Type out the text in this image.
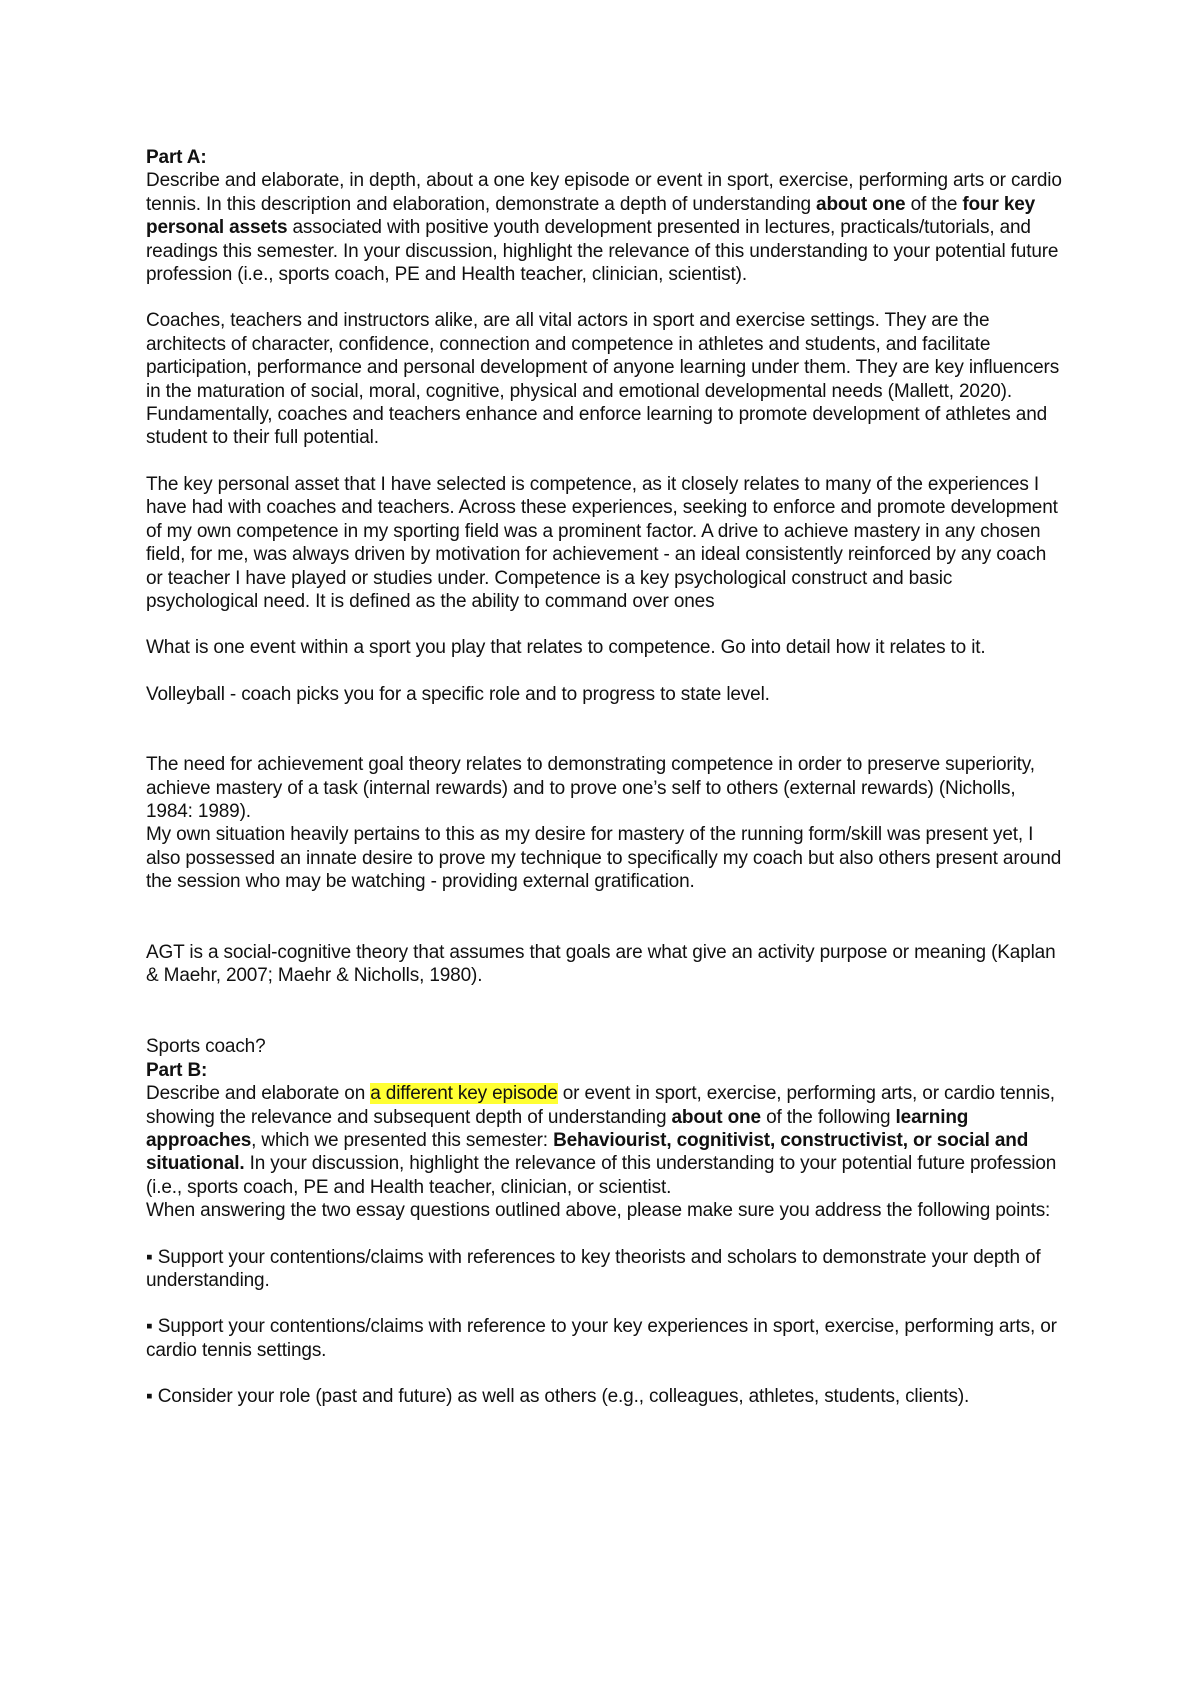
Part A:

Describe and elaborate, in depth, about a one key episode or event in sport, exercise, performing arts or cardio tennis. In this description and elaboration, demonstrate a depth of understanding about one of the four key personal assets associated with positive youth development presented in lectures, practicals/tutorials, and readings this semester. In your discussion, highlight the relevance of this understanding to your potential future profession (i.e., sports coach, PE and Health teacher, clinician, scientist).

Coaches, teachers and instructors alike, are all vital actors in sport and exercise settings. They are the architects of character, confidence, connection and competence in athletes and students, and facilitate participation, performance and personal development of anyone learning under them. They are key influencers in the maturation of social, moral, cognitive, physical and emotional developmental needs (Mallett, 2020). Fundamentally, coaches and teachers enhance and enforce learning to promote development of athletes and student to their full potential.

The key personal asset that I have selected is competence, as it closely relates to many of the experiences I have had with coaches and teachers. Across these experiences, seeking to enforce and promote development of my own competence in my sporting field was a prominent factor. A drive to achieve mastery in any chosen field, for me, was always driven by motivation for achievement - an ideal consistently reinforced by any coach or teacher I have played or studies under. Competence is a key psychological construct and basic psychological need. It is defined as the ability to command over ones

What is one event within a sport you play that relates to competence. Go into detail how it relates to it.

Volleyball - coach picks you for a specific role and to progress to state level.

The need for achievement goal theory relates to demonstrating competence in order to preserve superiority, achieve mastery of a task (internal rewards) and to prove one’s self to others (external rewards) (Nicholls, 1984: 1989).

My own situation heavily pertains to this as my desire for mastery of the running form/skill was present yet, I also possessed an innate desire to prove my technique to specifically my coach but also others present around the session who may be watching - providing external gratification.

AGT is a social-cognitive theory that assumes that goals are what give an activity purpose or meaning (Kaplan & Maehr, 2007; Maehr & Nicholls, 1980).

Sports coach?

Part B:

Describe and elaborate on a different key episode or event in sport, exercise, performing arts, or cardio tennis, showing the relevance and subsequent depth of understanding about one of the following learning approaches, which we presented this semester: Behaviourist, cognitivist, constructivist, or social and situational. In your discussion, highlight the relevance of this understanding to your potential future profession (i.e., sports coach, PE and Health teacher, clinician, or scientist.

When answering the two essay questions outlined above, please make sure you address the following points:

▪ Support your contentions/claims with references to key theorists and scholars to demonstrate your depth of understanding.

▪ Support your contentions/claims with reference to your key experiences in sport, exercise, performing arts, or cardio tennis settings.

▪ Consider your role (past and future) as well as others (e.g., colleagues, athletes, students, clients).
